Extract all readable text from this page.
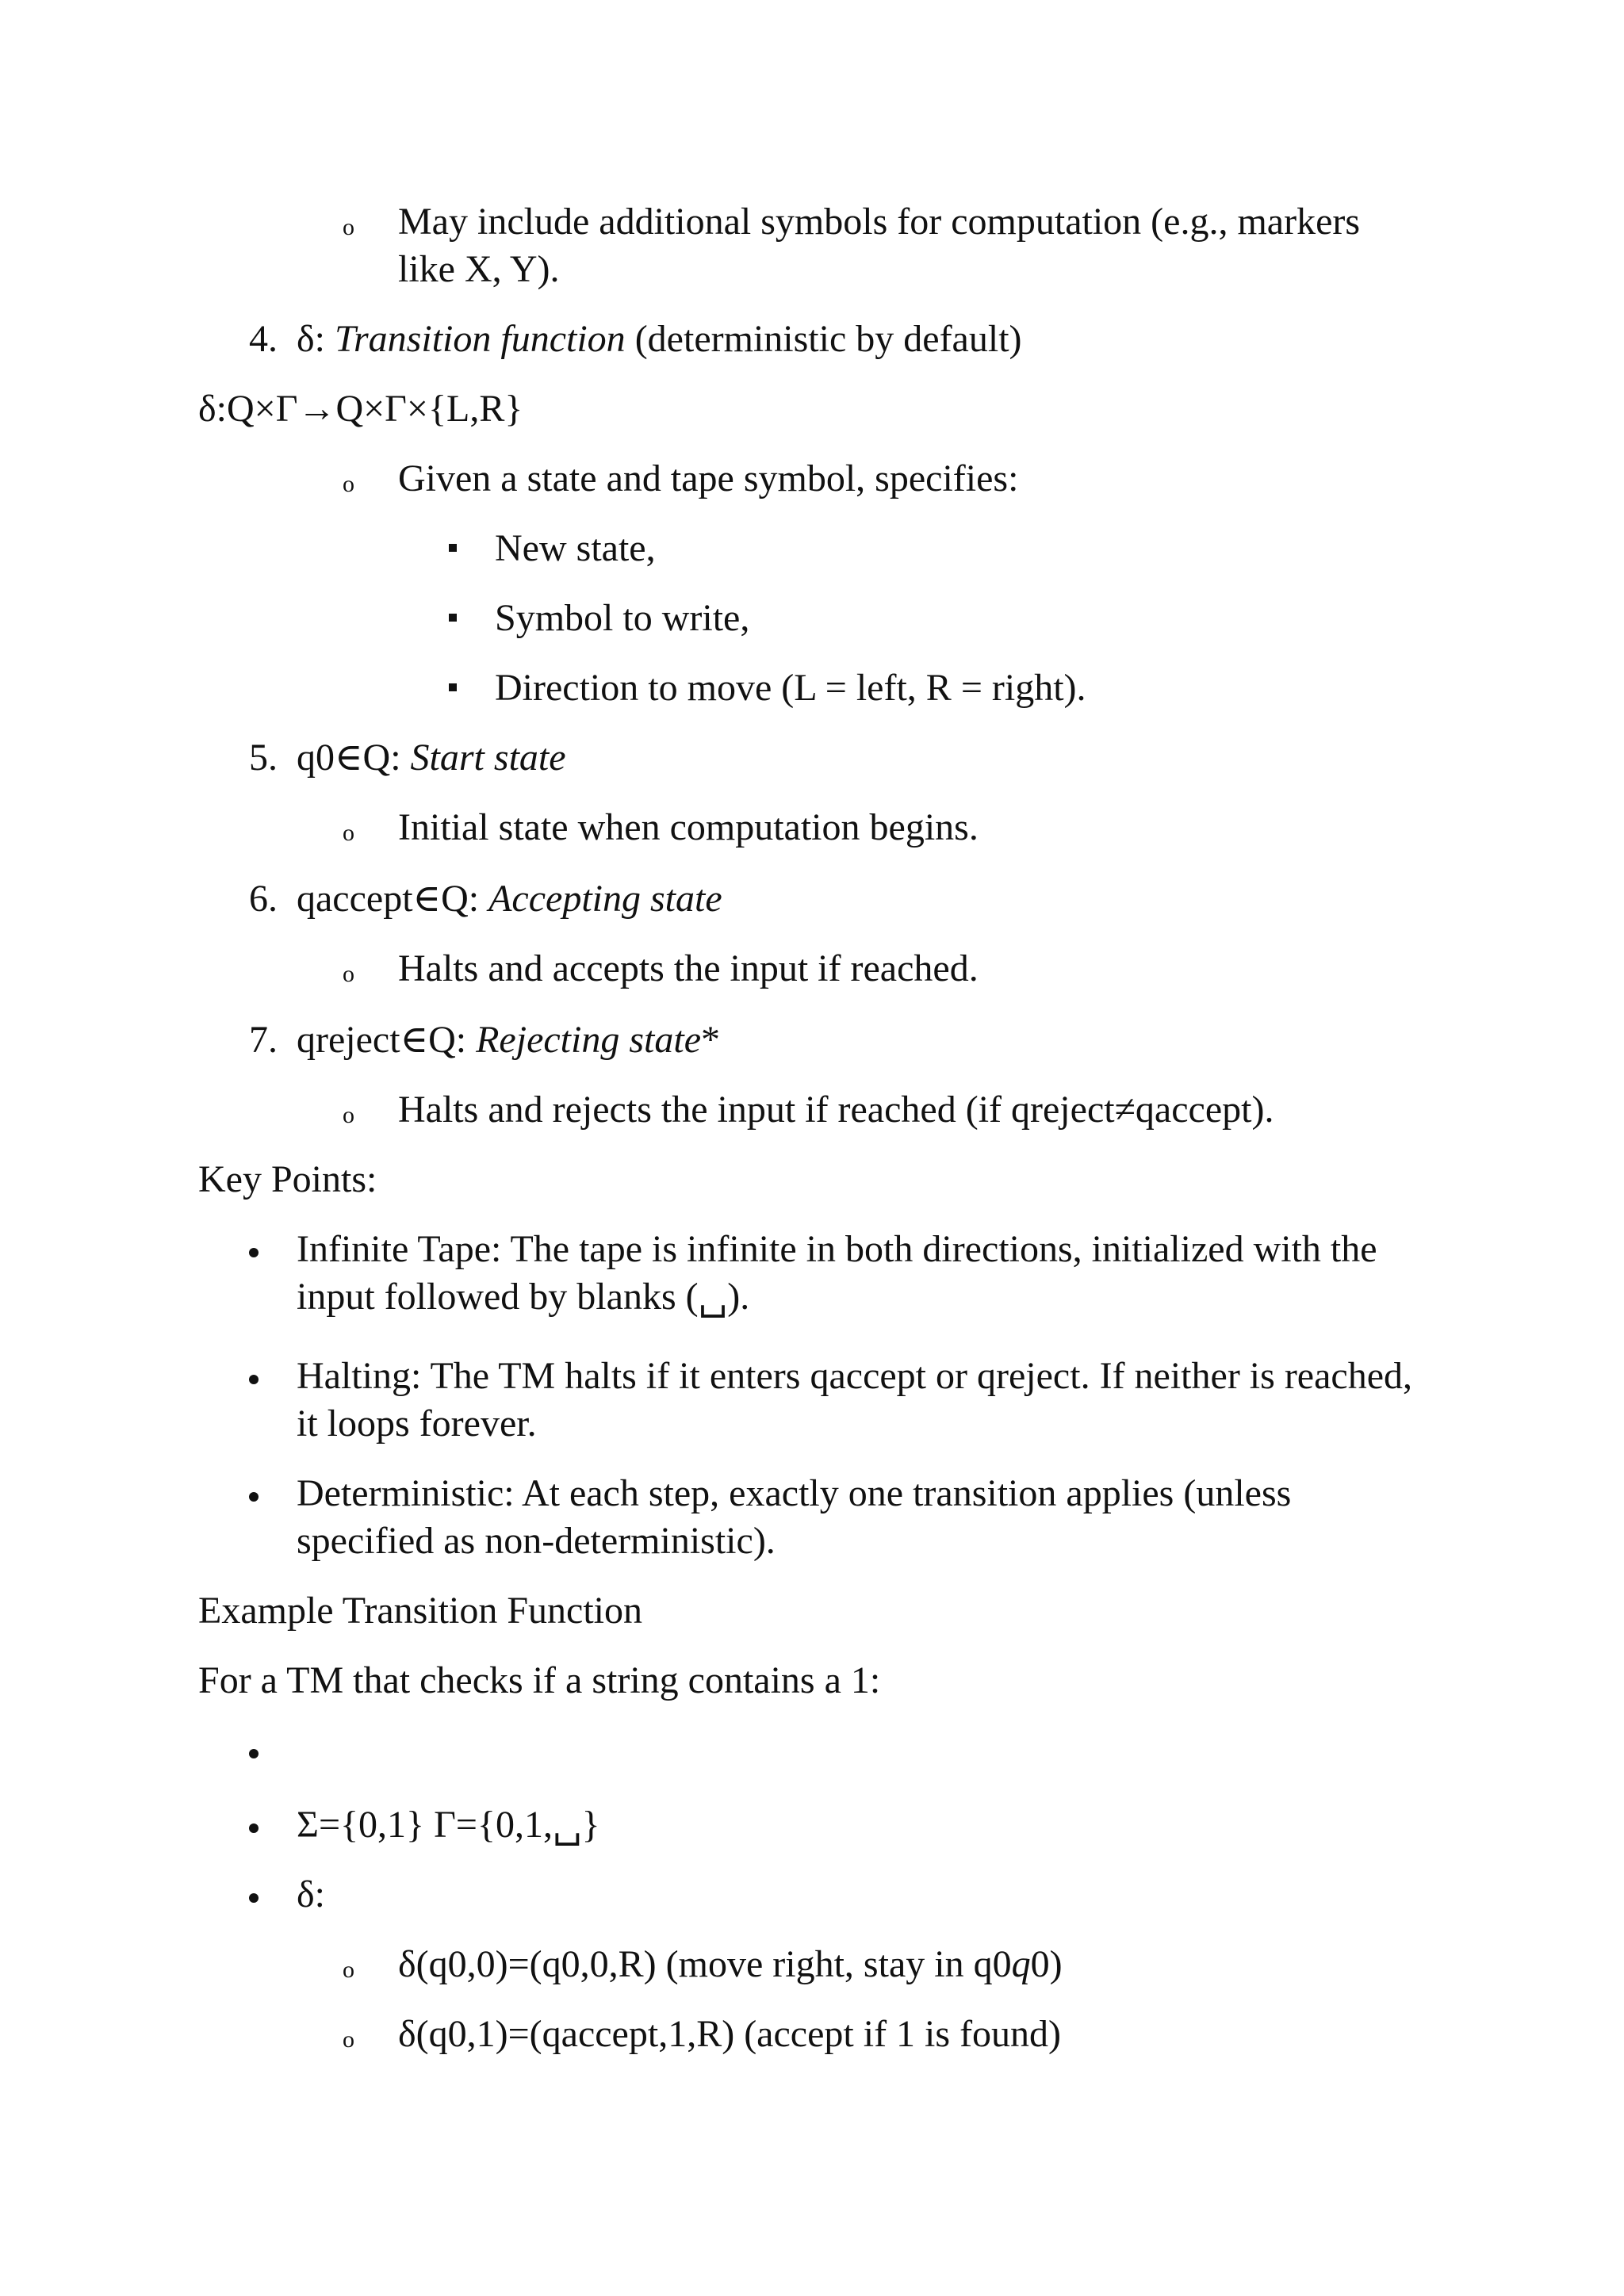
o May include additional symbols for computation (e.g., markers
like X, Y).
4. δ: Transition function (deterministic by default)
δ:Q×Γ→Q×Γ×{L,R}
o Given a state and tape symbol, specifies:
New state,
Symbol to write,
Direction to move (L = left, R = right).
5. q0∈Q: Start state
o Initial state when computation begins.
6. qaccept∈Q: Accepting state
o Halts and accepts the input if reached.
7. qreject∈Q: Rejecting state*
o Halts and rejects the input if reached (if qreject≠qaccept).
Key Points:
Infinite Tape: The tape is infinite in both directions, initialized with the
input followed by blanks (␣).
Halting: The TM halts if it enters qaccept or qreject. If neither is reached,
it loops forever.
Deterministic: At each step, exactly one transition applies (unless
specified as non-deterministic).
Example Transition Function
For a TM that checks if a string contains a 1:
Σ={0,1} Γ={0,1,␣}
δ:
o δ(q0,0)=(q0,0,R) (move right, stay in q0q0)
o δ(q0,1)=(qaccept,1,R) (accept if 1 is found)
